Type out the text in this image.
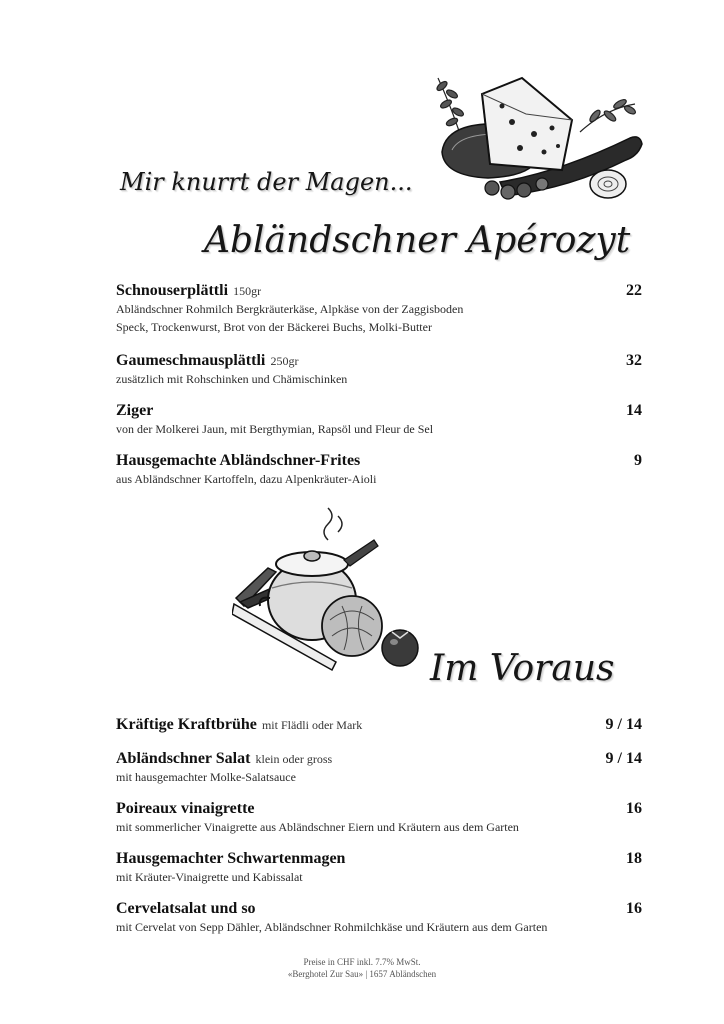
Mir knurrt der Magen...
Abländschner Apérozyt
Schnouserplättli 150gr	22
Abländschner Rohmilch Bergkräuterkäse, Alpkäse von der Zaggisboden
Speck, Trockenwurst, Brot von der Bäckerei Buchs, Molki-Butter
Gaumeschmausplättli 250gr	32
zusätzlich mit Rohschinken und Chämischinken
Ziger	14
von der Molkerei Jaun, mit Bergthymian, Rapsöl und Fleur de Sel
Hausgemachte Abländschner-Frites	9
aus Abländschner Kartoffeln, dazu Alpenkräuter-Aioli
Im Voraus
Kräftige Kraftbrühe mit Flädli oder Mark	9 / 14
Abländschner Salat klein oder gross	9 / 14
mit hausgemachter Molke-Salatsauce
Poireaux vinaigrette	16
mit sommerlicher Vinaigrette aus Abländschner Eiern und Kräutern aus dem Garten
Hausgemachter Schwartenmagen	18
mit Kräuter-Vinaigrette und Kabissalat
Cervelatsalat und so	16
mit Cervelat von Sepp Dähler, Abländschner Rohmilchkäse und Kräutern aus dem Garten
Preise in CHF inkl. 7.7% MwSt.
«Berghotel Zur Sau» | 1657 Abländschen
